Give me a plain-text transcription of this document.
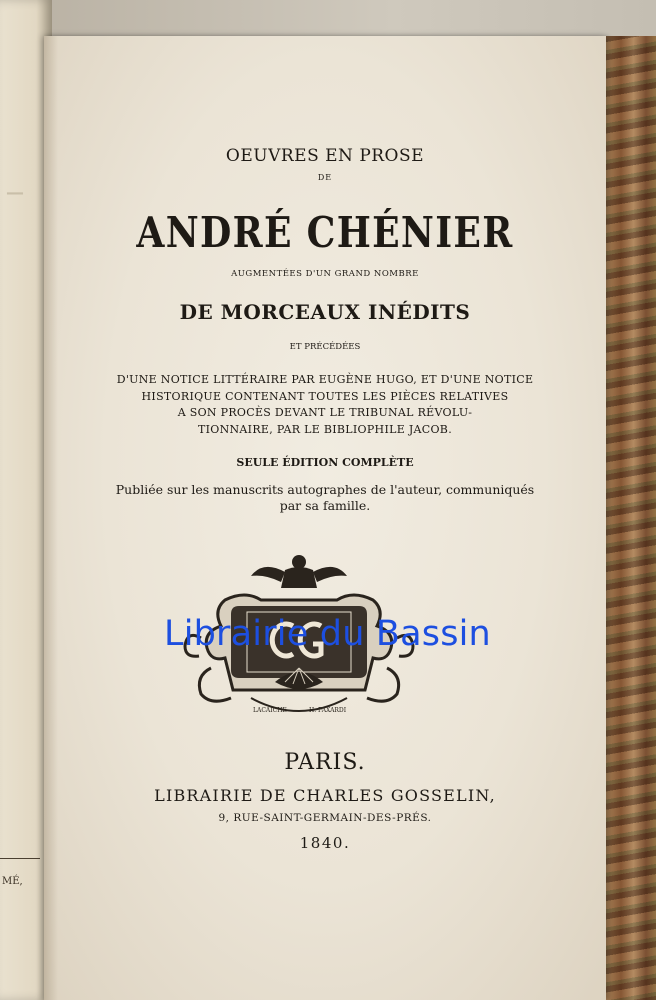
—
MÉ,
OEUVRES EN PROSE
DE
ANDRÉ CHÉNIER
AUGMENTÉES D'UN GRAND NOMBRE
DE MORCEAUX INÉDITS
ET PRÉCÉDÉES
D'UNE NOTICE LITTÉRAIRE PAR EUGÈNE HUGO, ET D'UNE NOTICE
HISTORIQUE CONTENANT TOUTES LES PIÈCES RELATIVES
A SON PROCÈS DEVANT LE TRIBUNAL RÉVOLU-
TIONNAIRE, PAR LE BIBLIOPHILE JACOB.
SEULE ÉDITION COMPLÈTE
Publiée sur les manuscrits autographes de l'auteur, communiqués
par sa famille.
LACAICHE	H. FAXARDI
PARIS.
LIBRAIRIE DE CHARLES GOSSELIN,
9, RUE-SAINT-GERMAIN-DES-PRÉS.
1840.
Librairie du Bassin
